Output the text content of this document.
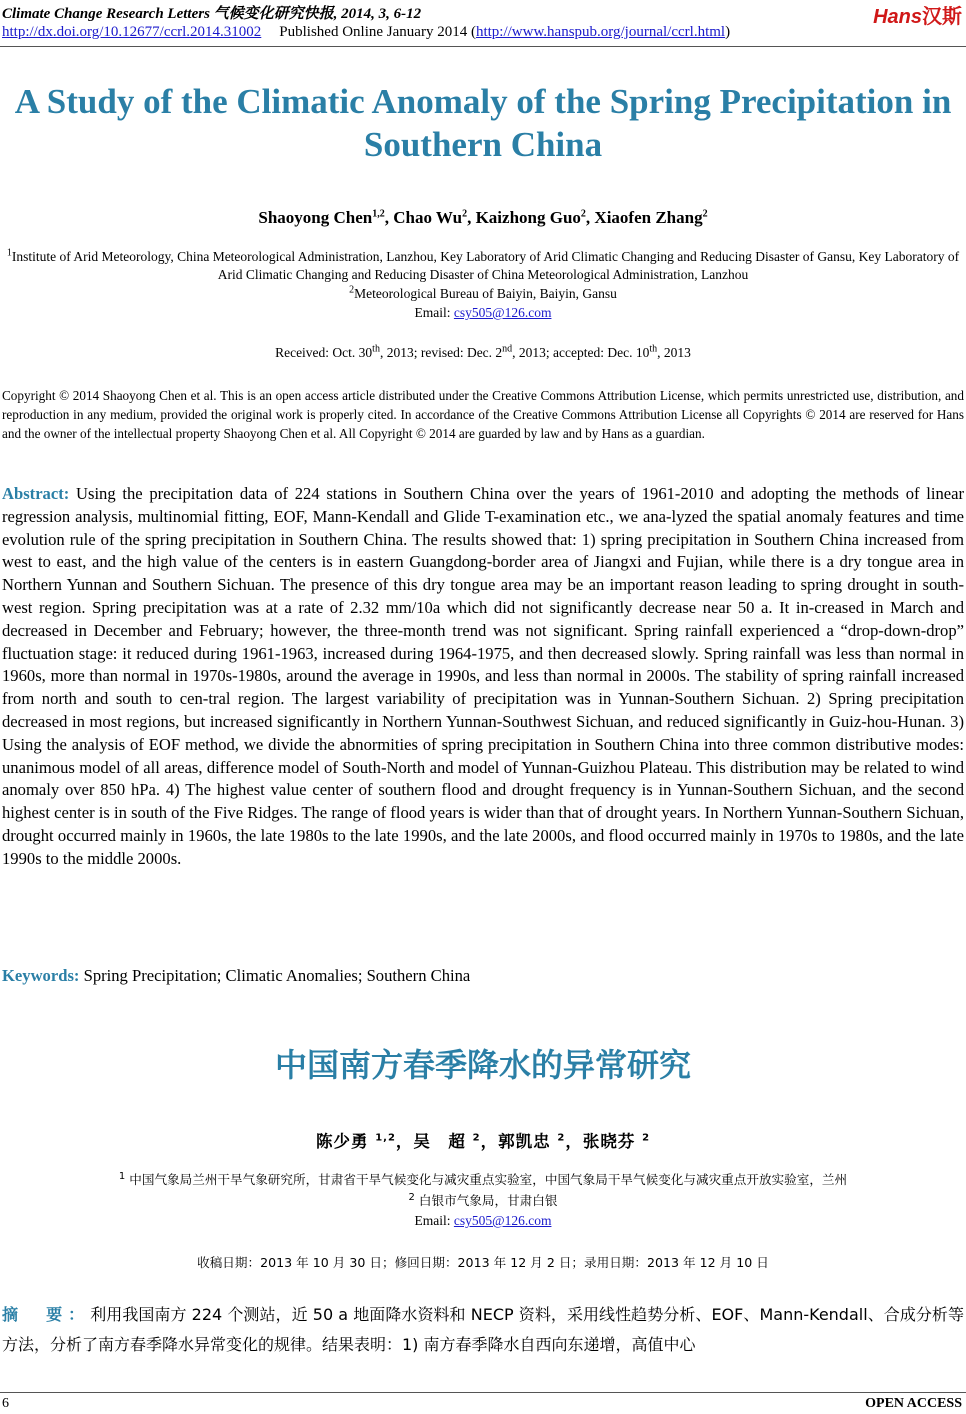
Climate Change Research Letters 气候变化研究快报, 2014, 3, 6-12	Hans汉斯
http://dx.doi.org/10.12677/ccrl.2014.31002 Published Online January 2014 (http://www.hanspub.org/journal/ccrl.html)
A Study of the Climatic Anomaly of the Spring Precipitation in Southern China
Shaoyong Chen$^{1,2}$, Chao Wu$^2$, Kaizhong Guo$^2$, Xiaofen Zhang$^2$
$^1$Institute of Arid Meteorology, China Meteorological Administration, Lanzhou, Key Laboratory of Arid Climatic Changing and Reducing Disaster of Gansu, Key Laboratory of Arid Climatic Changing and Reducing Disaster of China Meteorological Administration, Lanzhou
$^2$Meteorological Bureau of Baiyin, Baiyin, Gansu
Email: csy505@126.com
Received: Oct. 30th, 2013; revised: Dec. 2nd, 2013; accepted: Dec. 10th, 2013
Copyright © 2014 Shaoyong Chen et al. This is an open access article distributed under the Creative Commons Attribution License, which permits unrestricted use, distribution, and reproduction in any medium, provided the original work is properly cited. In accordance of the Creative Commons Attribution License all Copyrights © 2014 are reserved for Hans and the owner of the intellectual property Shaoyong Chen et al. All Copyright © 2014 are guarded by law and by Hans as a guardian.
Abstract: Using the precipitation data of 224 stations in Southern China over the years of 1961-2010 and adopting the methods of linear regression analysis, multinomial fitting, EOF, Mann-Kendall and Glide T-examination etc., we ana-lyzed the spatial anomaly features and time evolution rule of the spring precipitation in Southern China. The results showed that: 1) spring precipitation in Southern China increased from west to east, and the high value of the centers is in eastern Guangdong-border area of Jiangxi and Fujian, while there is a dry tongue area in Northern Yunnan and Southern Sichuan. The presence of this dry tongue area may be an important reason leading to spring drought in south-west region. Spring precipitation was at a rate of 2.32 mm/10a which did not significantly decrease near 50 a. It in-creased in March and decreased in December and February; however, the three-month trend was not significant. Spring rainfall experienced a “drop-down-drop” fluctuation stage: it reduced during 1961-1963, increased during 1964-1975, and then decreased slowly. Spring rainfall was less than normal in 1960s, more than normal in 1970s-1980s, around the average in 1990s, and less than normal in 2000s. The stability of spring rainfall increased from north and south to cen-tral region. The largest variability of precipitation was in Yunnan-Southern Sichuan. 2) Spring precipitation decreased in most regions, but increased significantly in Northern Yunnan-Southwest Sichuan, and reduced significantly in Guiz-hou-Hunan. 3) Using the analysis of EOF method, we divide the abnormities of spring precipitation in Southern China into three common distributive modes: unanimous model of all areas, difference model of South-North and model of Yunnan-Guizhou Plateau. This distribution may be related to wind anomaly over 850 hPa. 4) The highest value center of southern flood and drought frequency is in Yunnan-Southern Sichuan, and the second highest center is in south of the Five Ridges. The range of flood years is wider than that of drought years. In Northern Yunnan-Southern Sichuan, drought occurred mainly in 1960s, the late 1980s to the late 1990s, and the late 2000s, and flood occurred mainly in 1970s to 1980s, and the late 1990s to the middle 2000s.
Keywords: Spring Precipitation; Climatic Anomalies; Southern China
中国南方春季降水的异常研究
陈少勇 $^{1,2}$，吴　超 $^2$，郭凯忠 $^2$，张晓芬 $^2$
$^1$ 中国气象局兰州干旱气象研究所，甘肃省干旱气候变化与减灾重点实验室，中国气象局干旱气候变化与减灾重点开放实验室，兰州
$^2$ 白银市气象局，甘肃白银
Email: csy505@126.com
收稿日期：2013 年 10 月 30 日；修回日期：2013 年 12 月 2 日；录用日期：2013 年 12 月 10 日
摘　要：利用我国南方 224 个测站，近 50 a 地面降水资料和 NECP 资料，采用线性趋势分析、EOF、Mann-Kendall、合成分析等方法，分析了南方春季降水异常变化的规律。结果表明：1) 南方春季降水自西向东递增，高值中心
6	OPEN ACCESS
